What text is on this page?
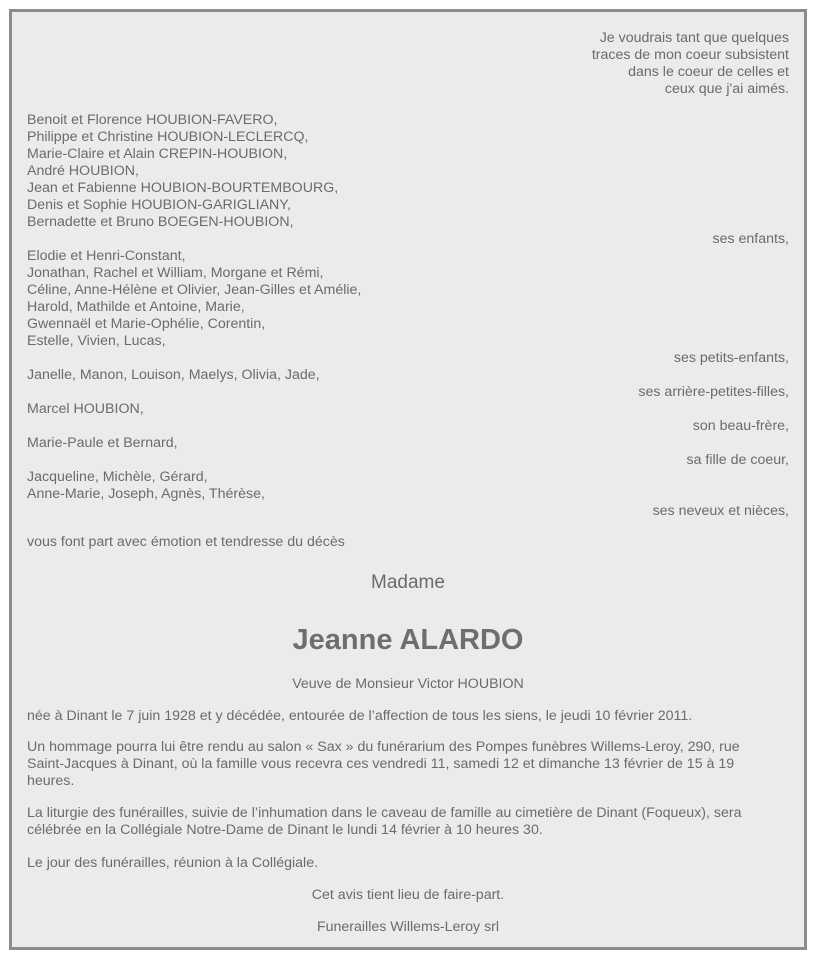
Je voudrais tant que quelques
traces de mon coeur subsistent
dans le coeur de celles et
ceux que j'ai aimés.
Benoit et Florence HOUBION-FAVERO,
Philippe et Christine HOUBION-LECLERCQ,
Marie-Claire et Alain CREPIN-HOUBION,
André HOUBION,
Jean et Fabienne HOUBION-BOURTEMBOURG,
Denis et Sophie HOUBION-GARIGLIANY,
Bernadette et Bruno BOEGEN-HOUBION,
ses enfants,
Elodie et Henri-Constant,
Jonathan, Rachel et William, Morgane et Rémi,
Céline, Anne-Hélène et Olivier, Jean-Gilles et Amélie,
Harold, Mathilde et Antoine, Marie,
Gwennaël et Marie-Ophélie, Corentin,
Estelle, Vivien, Lucas,
ses petits-enfants,
Janelle, Manon, Louison, Maelys, Olivia, Jade,
ses arrière-petites-filles,
Marcel HOUBION,
son beau-frère,
Marie-Paule et Bernard,
sa fille de coeur,
Jacqueline, Michèle, Gérard,
Anne-Marie, Joseph, Agnès, Thérèse,
ses neveux et nièces,
vous font part avec émotion et tendresse du décès
Madame
Jeanne ALARDO
Veuve de Monsieur Victor HOUBION
née à Dinant le 7 juin 1928 et y décédée, entourée de l’affection de tous les siens, le jeudi 10 février 2011.
Un hommage pourra lui être rendu au salon « Sax » du funérarium des Pompes funèbres Willems-Leroy, 290, rue
Saint-Jacques à Dinant, où la famille vous recevra ces vendredi 11, samedi 12 et dimanche 13 février de 15 à 19
heures.
La liturgie des funérailles, suivie de l’inhumation dans le caveau de famille au cimetière de Dinant (Foqueux), sera
célébrée en la Collégiale Notre-Dame de Dinant le lundi 14 février à 10 heures 30.
Le jour des funérailles, réunion à la Collégiale.
Cet avis tient lieu de faire-part.
Funerailles Willems-Leroy srl
